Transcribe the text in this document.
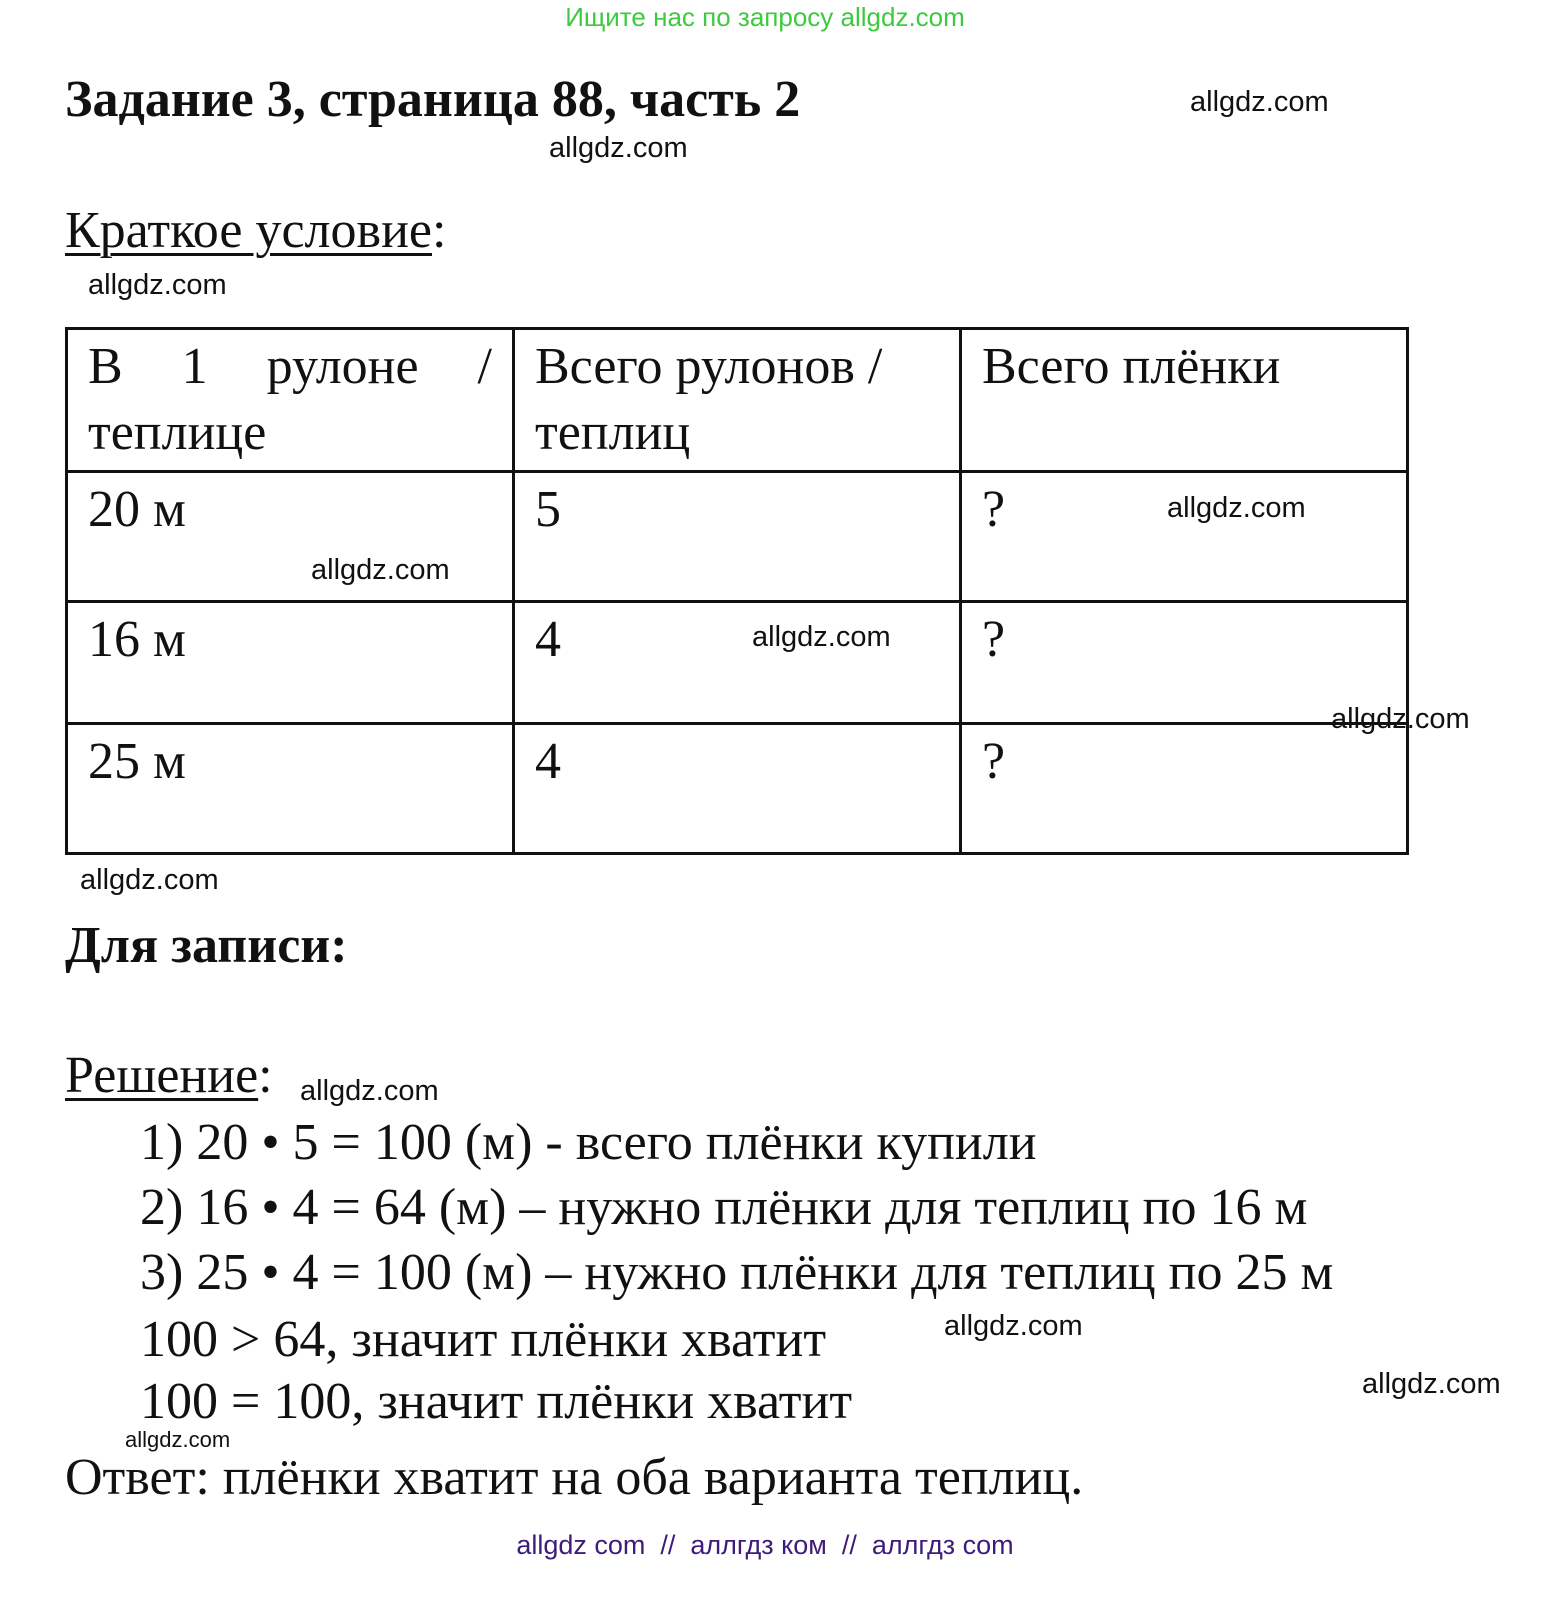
Ищите нас по запросу allgdz.com
Задание 3, страница 88, часть 2
Краткое условие:
В 1 рулоне / теплице	Всего рулонов / теплиц	Всего плёнки
20 м	5	?
16 м	4	?
25 м	4	?
Для записи:
Решение:
1) 20 • 5 = 100 (м) - всего плёнки купили
2) 16 • 4 = 64 (м) – нужно плёнки для теплиц по 16 м
3) 25 • 4 = 100 (м) – нужно плёнки для теплиц по 25 м
100 > 64, значит плёнки хватит
100 = 100, значит плёнки хватит
Ответ: плёнки хватит на оба варианта теплиц.
allgdz.com
allgdz.com
allgdz.com
allgdz.com
allgdz.com
allgdz.com
allgdz.com
allgdz.com
allgdz.com
allgdz.com
allgdz.com
allgdz.com
allgdz com  //  аллгдз ком  //  аллгдз com
